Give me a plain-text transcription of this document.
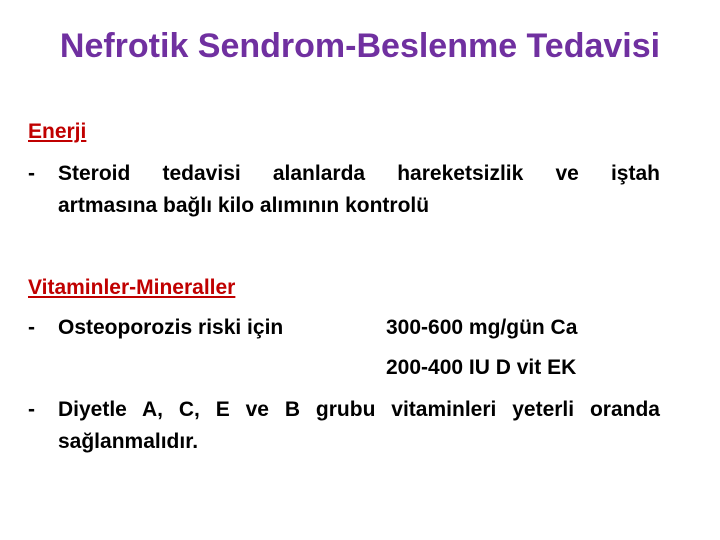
Nefrotik Sendrom-Beslenme Tedavisi
Enerji
- Steroid tedavisi alanlarda hareketsizlik ve iştah
artmasına bağlı kilo alımının kontrolü
Vitaminler-Mineraller
- Osteoporozis riski için	300-600 mg/gün Ca
200-400 IU D vit EK
- Diyetle A, C, E ve B grubu vitaminleri yeterli oranda
sağlanmalıdır.
